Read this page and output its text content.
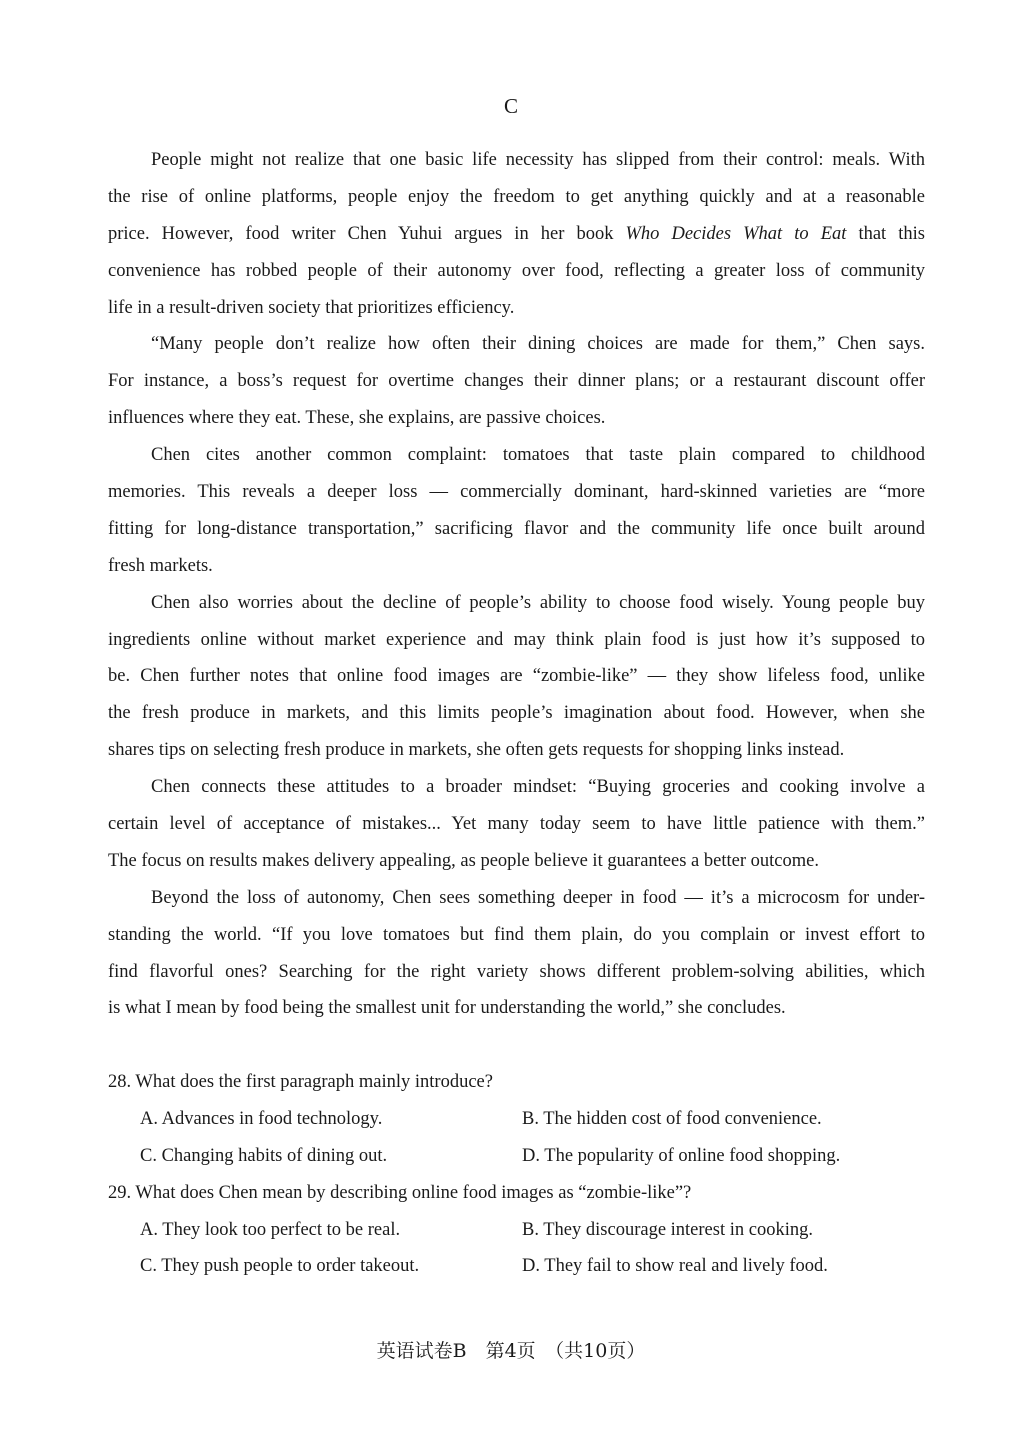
C
People might not realize that one basic life necessity has slipped from their control: meals. With
the rise of online platforms, people enjoy the freedom to get anything quickly and at a reasonable
price. However, food writer Chen Yuhui argues in her book Who Decides What to Eat that this
convenience has robbed people of their autonomy over food, reflecting a greater loss of community
life in a result-driven society that prioritizes efficiency.
“Many people don’t realize how often their dining choices are made for them,” Chen says.
For instance, a boss’s request for overtime changes their dinner plans; or a restaurant discount offer
influences where they eat. These, she explains, are passive choices.
Chen cites another common complaint: tomatoes that taste plain compared to childhood
memories. This reveals a deeper loss — commercially dominant, hard-skinned varieties are “more
fitting for long-distance transportation,” sacrificing flavor and the community life once built around
fresh markets.
Chen also worries about the decline of people’s ability to choose food wisely. Young people buy
ingredients online without market experience and may think plain food is just how it’s supposed to
be. Chen further notes that online food images are “zombie-like” — they show lifeless food, unlike
the fresh produce in markets, and this limits people’s imagination about food. However, when she
shares tips on selecting fresh produce in markets, she often gets requests for shopping links instead.
Chen connects these attitudes to a broader mindset: “Buying groceries and cooking involve a
certain level of acceptance of mistakes... Yet many today seem to have little patience with them.”
The focus on results makes delivery appealing, as people believe it guarantees a better outcome.
Beyond the loss of autonomy, Chen sees something deeper in food — it’s a microcosm for under-
standing the world. “If you love tomatoes but find them plain, do you complain or invest effort to
find flavorful ones? Searching for the right variety shows different problem-solving abilities, which
is what I mean by food being the smallest unit for understanding the world,” she concludes.
28. What does the first paragraph mainly introduce?
A. Advances in food technology.	B. The hidden cost of food convenience.
C. Changing habits of dining out.	D. The popularity of online food shopping.
29. What does Chen mean by describing online food images as “zombie-like”?
A. They look too perfect to be real.	B. They discourage interest in cooking.
C. They push people to order takeout.	D. They fail to show real and lively food.
英语试卷B　第4页　（共10页）
